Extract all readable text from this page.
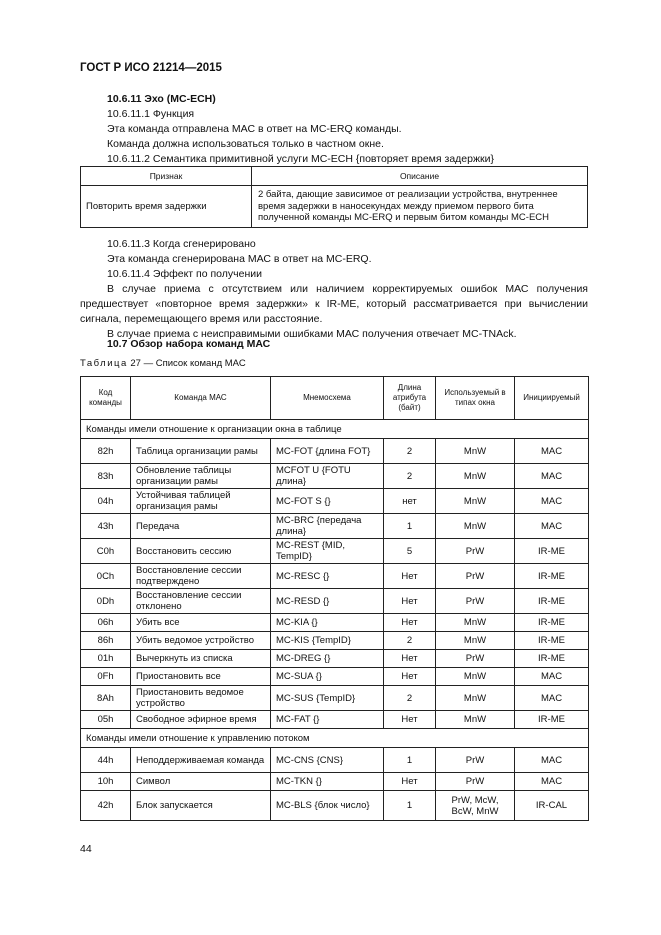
ГОСТ Р ИСО 21214—2015
10.6.11 Эхо (MC-ECH)
10.6.11.1 Функция
Эта команда отправлена МАС в ответ на MC-ERQ команды.
Команда должна использоваться только в частном окне.
10.6.11.2 Семантика примитивной услуги MC-ECH {повторяет время задержки}
Признак	Описание
Повторить время задержки	2 байта, дающие зависимое от реализации устройства, внутреннее время задержки в наносекундах между приемом первого бита полученной команды MC-ERQ и первым битом команды MC-ECH
10.6.11.3 Когда сгенерировано
Эта команда сгенерирована МАС в ответ на MC-ERQ.
10.6.11.4 Эффект по получении
В случае приема с отсутствием или наличием корректируемых ошибок МАС получения предшествует «повторное время задержки» к IR-ME, который рассматривается при вычислении сигнала, перемещающего время или расстояние.
В случае приема с неисправимыми ошибками МАС получения отвечает MC-TNAck.
10.7 Обзор набора команд МАС
Таблица 27 — Список команд МАС
Код команды	Команда МАС	Мнемосхема	Длина атрибута (байт)	Используемый в типах окна	Инициируемый
Команды имели отношение к организации окна в таблице					
82h	Таблица организации рамы	MC-FOT {длина FOT}	2	MnW	MAC
83h	Обновление таблицы организации рамы	MCFOT U {FOTU длина}	2	MnW	MAC
04h	Устойчивая таблицей организация рамы	MC-FOT S {}	нет	MnW	MAC
43h	Передача	MC-BRC {передача длина}	1	MnW	MAC
C0h	Восстановить сессию	MC-REST {MID, TempID}	5	PrW	IR-ME
0Ch	Восстановление сессии подтверждено	MC-RESC {}	Нет	PrW	IR-ME
0Dh	Восстановление сессии отклонено	MC-RESD {}	Нет	PrW	IR-ME
06h	Убить все	MC-KIA {}	Нет	MnW	IR-ME
86h	Убить ведомое устройство	MC-KIS {TempID}	2	MnW	IR-ME
01h	Вычеркнуть из списка	MC-DREG {}	Нет	PrW	IR-ME
0Fh	Приостановить все	MC-SUA {}	Нет	MnW	MAC
8Ah	Приостановить ведомое устройство	MC-SUS {TempID}	2	MnW	MAC
05h	Свободное эфирное время	MC-FAT {}	Нет	MnW	IR-ME
Команды имели отношение к управлению потоком					
44h	Неподдерживаемая команда	MC-CNS {CNS}	1	PrW	MAC
10h	Символ	MC-TKN {}	Нет	PrW	MAC
42h	Блок запускается	MC-BLS {блок число}	1	PrW, McW, BcW, MnW	IR-CAL
44
